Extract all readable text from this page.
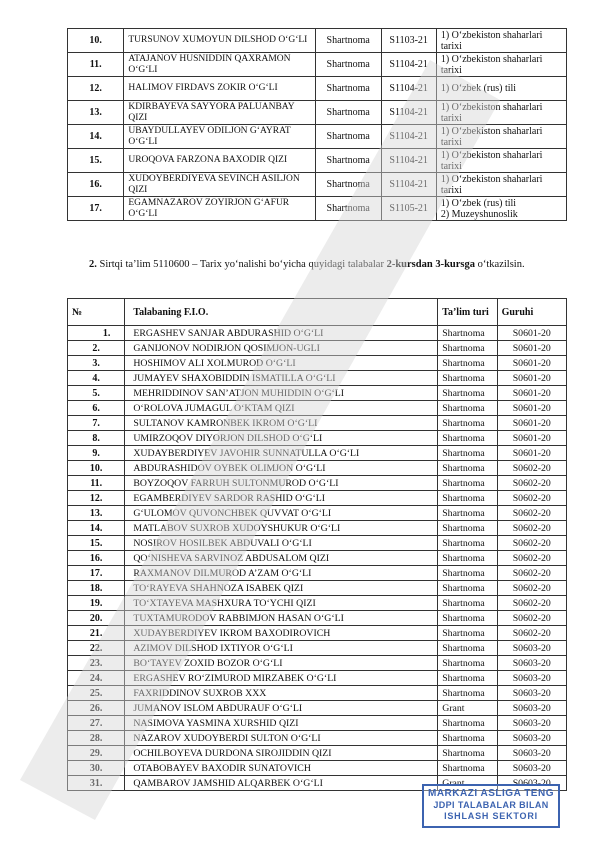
10.	TURSUNOV XUMOYUN DILSHOD O‘G‘LI	Shartnoma	S1103-21	1) O‘zbekiston shaharlari tarixi

11.	ATAJANOV HUSNIDDIN QAXRAMON O‘G‘LI	Shartnoma	S1104-21	1) O‘zbekiston shaharlari tarixi

12.	HALIMOV FIRDAVS ZOKIR O‘G‘LI	Shartnoma	S1104-21	1) O‘zbek (rus) tili

13.	KDIRBAYEVA SAYYORA PALUANBAY QIZI	Shartnoma	S1104-21	1) O‘zbekiston shaharlari tarixi

14.	UBAYDULLAYEV ODILJON G‘AYRAT O‘G‘LI	Shartnoma	S1104-21	1) O‘zbekiston shaharlari tarixi

15.	UROQOVA FARZONA BAXODIR QIZI	Shartnoma	S1104-21	1) O‘zbekiston shaharlari tarixi

16.	XUDOYBERDIYEVA SEVINCH ASILJON QIZI	Shartnoma	S1104-21	1) O‘zbekiston shaharlari tarixi

17.	EGAMNAZAROV ZOYIRJON G‘AFUR O‘G‘LI	Shartnoma	S1105-21	1) O‘zbek (rus) tili
2) Muzeyshunoslik
2. Sirtqi ta’lim 5110600 – Tarix yo‘nalishi bo‘yicha quyidagi talabalar 2-kursdan 3-kursga o‘tkazilsin.
№	Talabaning F.I.O.	Ta’lim turi	Guruhi
1.	ERGASHEV SANJAR ABDURASHID O‘G‘LI	Shartnoma	S0601-20
2.	GANIJONOV NODIRJON QOSIMJON-UGLI	Shartnoma	S0601-20
3.	HOSHIMOV ALI XOLMUROD O‘G‘LI	Shartnoma	S0601-20
4.	JUMAYEV SHAXOBIDDIN ISMATILLA O‘G‘LI	Shartnoma	S0601-20
5.	MEHRIDDINOV SAN’ATJON MUHIDDIN O‘G‘LI	Shartnoma	S0601-20
6.	O‘ROLOVA JUMAGUL O‘KTAM QIZI	Shartnoma	S0601-20
7.	SULTANOV KAMRONBEK IKROM O‘G‘LI	Shartnoma	S0601-20
8.	UMIRZOQOV DIYORJON DILSHOD O‘G‘LI	Shartnoma	S0601-20
9.	XUDAYBERDIYEV JAVOHIR SUNNATULLA O‘G‘LI	Shartnoma	S0601-20
10.	ABDURASHIDOV OYBEK OLIMJON O‘G‘LI	Shartnoma	S0602-20
11.	BOYZOQOV FARRUH SULTONMUROD O‘G‘LI	Shartnoma	S0602-20
12.	EGAMBERDIYEV SARDOR RASHID O‘G‘LI	Shartnoma	S0602-20
13.	G‘ULOMOV QUVONCHBEK QUVVAT O‘G‘LI	Shartnoma	S0602-20
14.	MATLABOV SUXROB XUDOYSHUKUR O‘G‘LI	Shartnoma	S0602-20
15.	NOSIROV HOSILBEK ABDUVALI O‘G‘LI	Shartnoma	S0602-20
16.	QO‘NISHEVA SARVINOZ ABDUSALOM QIZI	Shartnoma	S0602-20
17.	RAXMANOV DILMUROD A’ZAM O‘G‘LI	Shartnoma	S0602-20
18.	TO‘RAYEVA SHAHNOZA ISABEK QIZI	Shartnoma	S0602-20
19.	TO‘XTAYEVA MASHXURA TO‘YCHI QIZI	Shartnoma	S0602-20
20.	TUXTAMURODOV RABBIMJON HASAN O‘G‘LI	Shartnoma	S0602-20
21.	XUDAYBERDIYEV IKROM BAXODIROVICH	Shartnoma	S0602-20
22.	AZIMOV DILSHOD IXTIYOR O‘G‘LI	Shartnoma	S0603-20
23.	BO‘TAYEV ZOXID BOZOR O‘G‘LI	Shartnoma	S0603-20
24.	ERGASHEV RO‘ZIMUROD MIRZABEK O‘G‘LI	Shartnoma	S0603-20
25.	FAXRIDDINOV SUXROB XXX	Shartnoma	S0603-20
26.	JUMANOV ISLOM ABDURAUF O‘G‘LI	Grant	S0603-20
27.	NASIMOVA YASMINA XURSHID QIZI	Shartnoma	S0603-20
28.	NAZAROV XUDOYBERDI SULTON O‘G‘LI	Shartnoma	S0603-20
29.	OCHILBOYEVA DURDONA SIROJIDDIN QIZI	Shartnoma	S0603-20
30.	OTABOBAYEV BAXODIR SUNATOVICH	Shartnoma	S0603-20
31.	QAMBAROV JAMSHID ALQARBEK O‘G‘LI	Grant	S0603-20
MARKAZI ASLIGA TENG
JDPI TALABALAR BILAN
ISHLASH SEKTORI
